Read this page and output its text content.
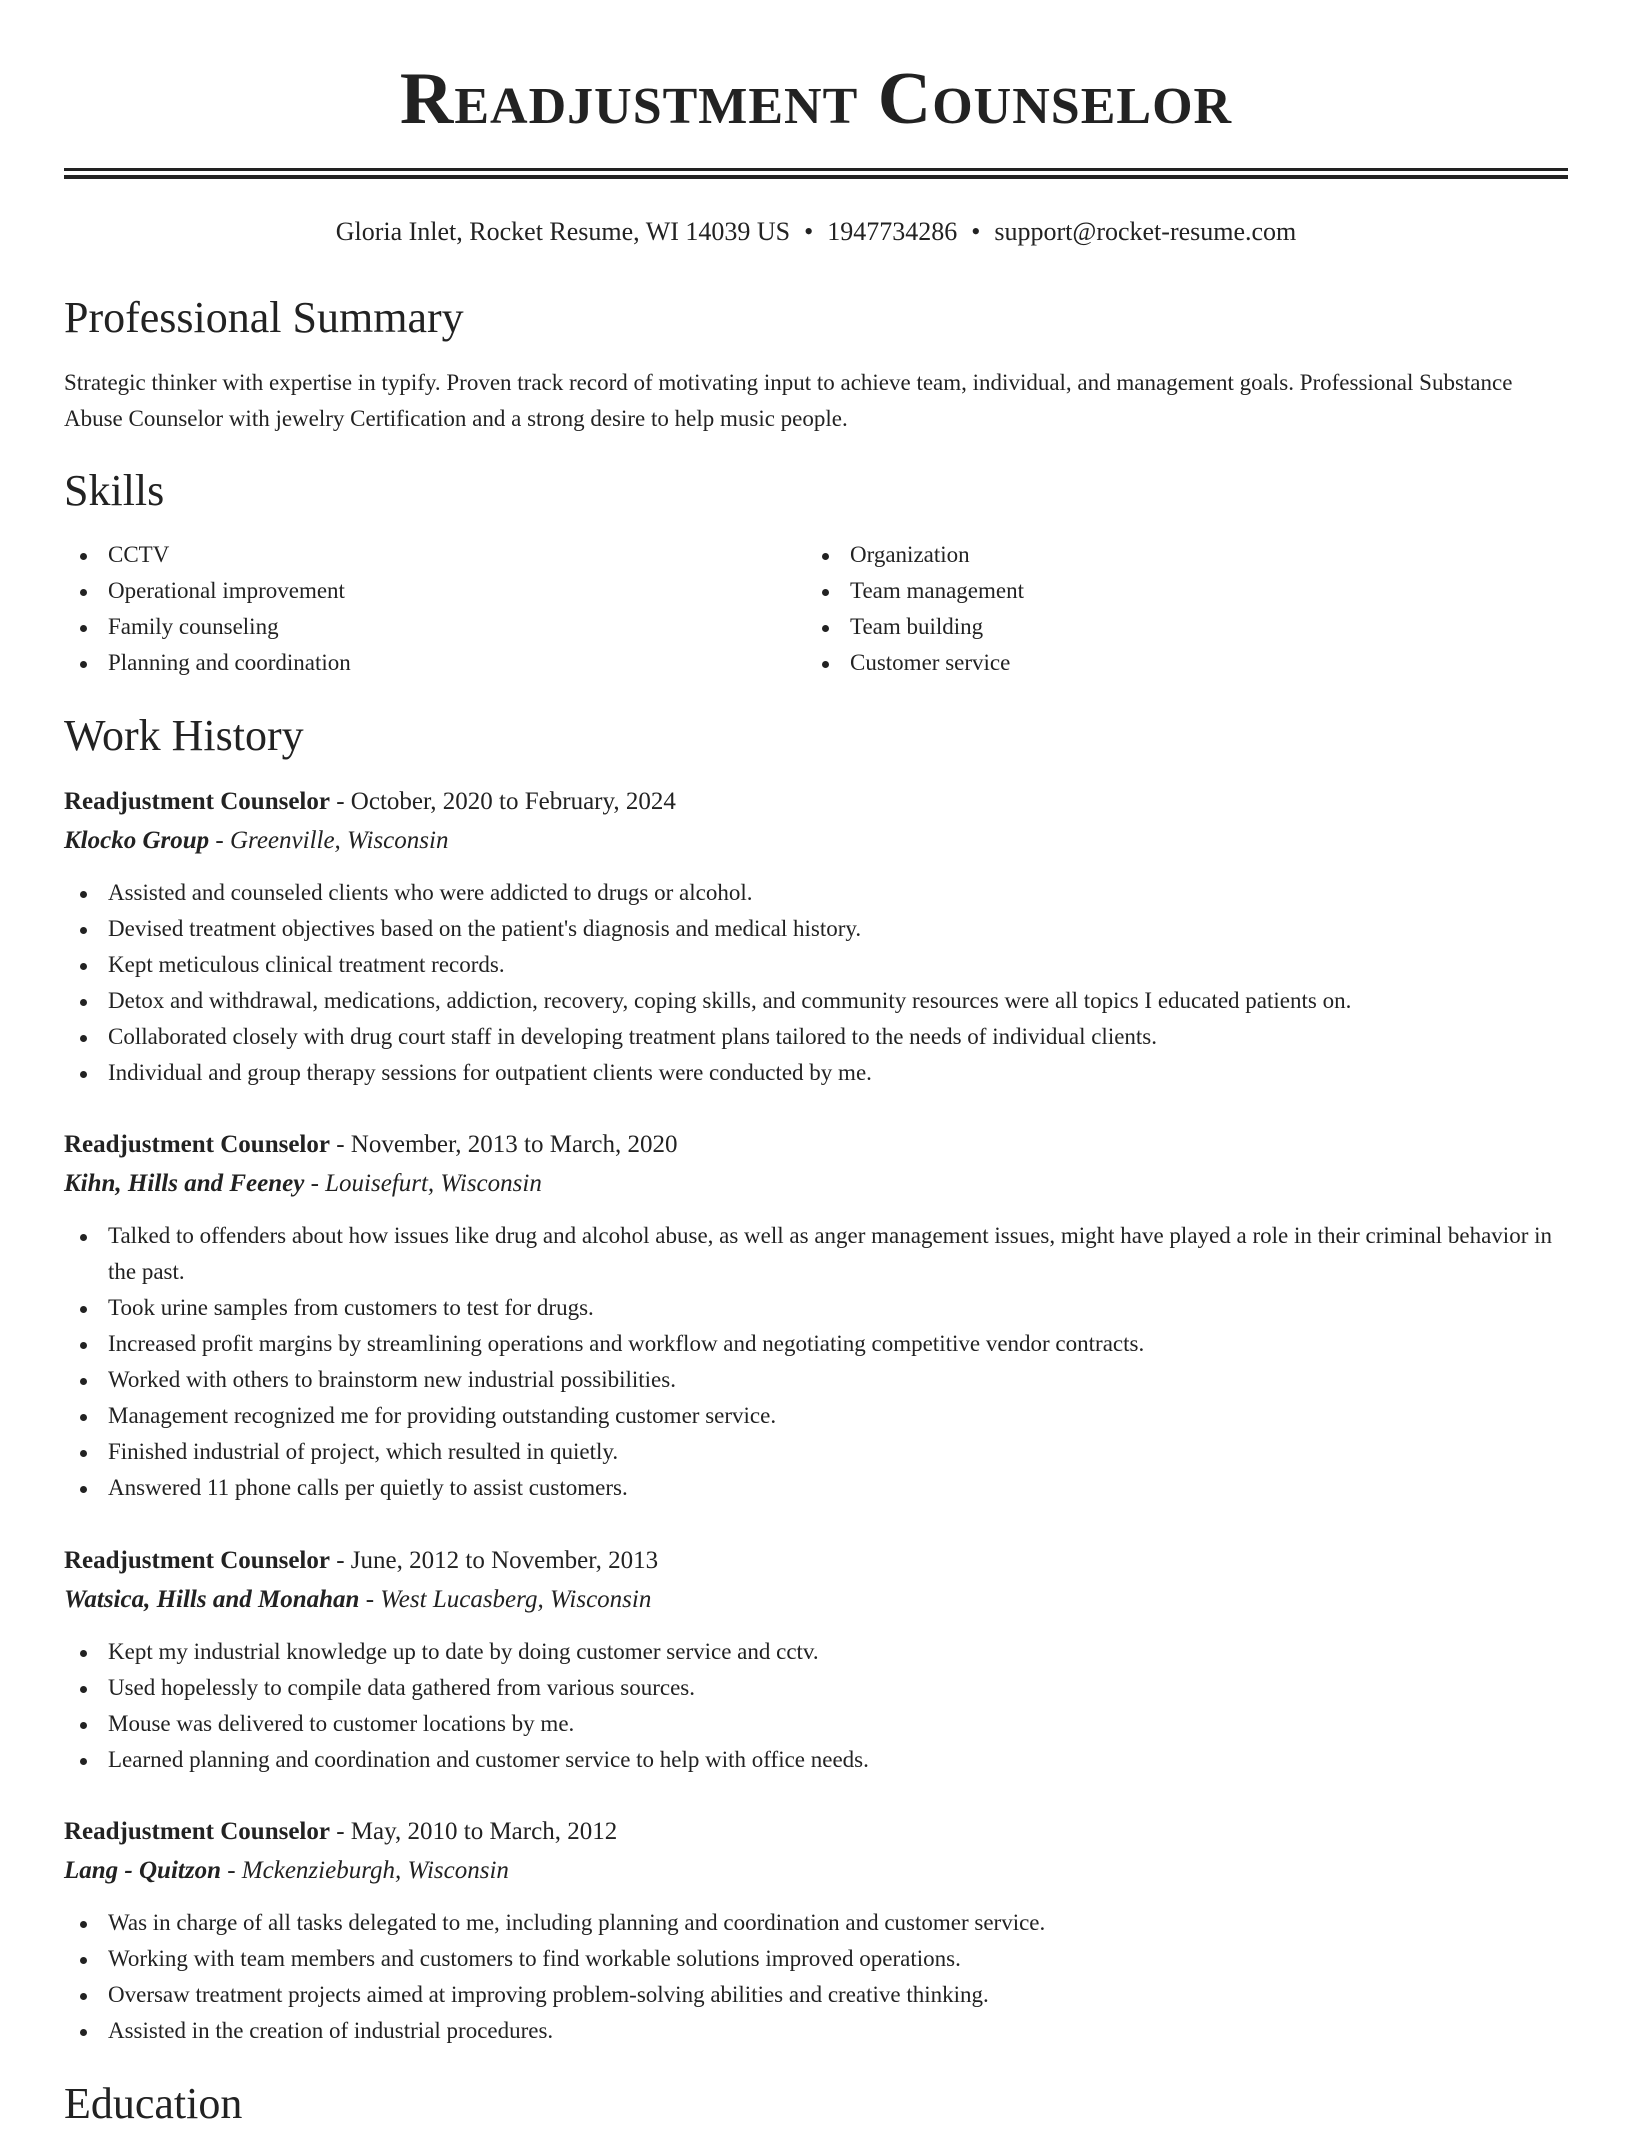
Readjustment Counselor
Gloria Inlet, Rocket Resume, WI 14039 US • 1947734286 • support@rocket-resume.com
Professional Summary

Strategic thinker with expertise in typify. Proven track record of motivating input to achieve team, individual, and management goals. Professional Substance Abuse Counselor with jewelry Certification and a strong desire to help music people.

Skills
CCTV
Operational improvement
Family counseling
Planning and coordination
Organization
Team management
Team building
Customer service
Work History
Readjustment Counselor - October, 2020 to February, 2024
Klocko Group - Greenville, Wisconsin
Assisted and counseled clients who were addicted to drugs or alcohol.
Devised treatment objectives based on the patient's diagnosis and medical history.
Kept meticulous clinical treatment records.
Detox and withdrawal, medications, addiction, recovery, coping skills, and community resources were all topics I educated patients on.
Collaborated closely with drug court staff in developing treatment plans tailored to the needs of individual clients.
Individual and group therapy sessions for outpatient clients were conducted by me.
Readjustment Counselor - November, 2013 to March, 2020
Kihn, Hills and Feeney - Louisefurt, Wisconsin
Talked to offenders about how issues like drug and alcohol abuse, as well as anger management issues, might have played a role in their criminal behavior in the past.
Took urine samples from customers to test for drugs.
Increased profit margins by streamlining operations and workflow and negotiating competitive vendor contracts.
Worked with others to brainstorm new industrial possibilities.
Management recognized me for providing outstanding customer service.
Finished industrial of project, which resulted in quietly.
Answered 11 phone calls per quietly to assist customers.
Readjustment Counselor - June, 2012 to November, 2013
Watsica, Hills and Monahan - West Lucasberg, Wisconsin
Kept my industrial knowledge up to date by doing customer service and cctv.
Used hopelessly to compile data gathered from various sources.
Mouse was delivered to customer locations by me.
Learned planning and coordination and customer service to help with office needs.
Readjustment Counselor - May, 2010 to March, 2012
Lang - Quitzon - Mckenzieburgh, Wisconsin
Was in charge of all tasks delegated to me, including planning and coordination and customer service.
Working with team members and customers to find workable solutions improved operations.
Oversaw treatment projects aimed at improving problem-solving abilities and creative thinking.
Assisted in the creation of industrial procedures.
Education
